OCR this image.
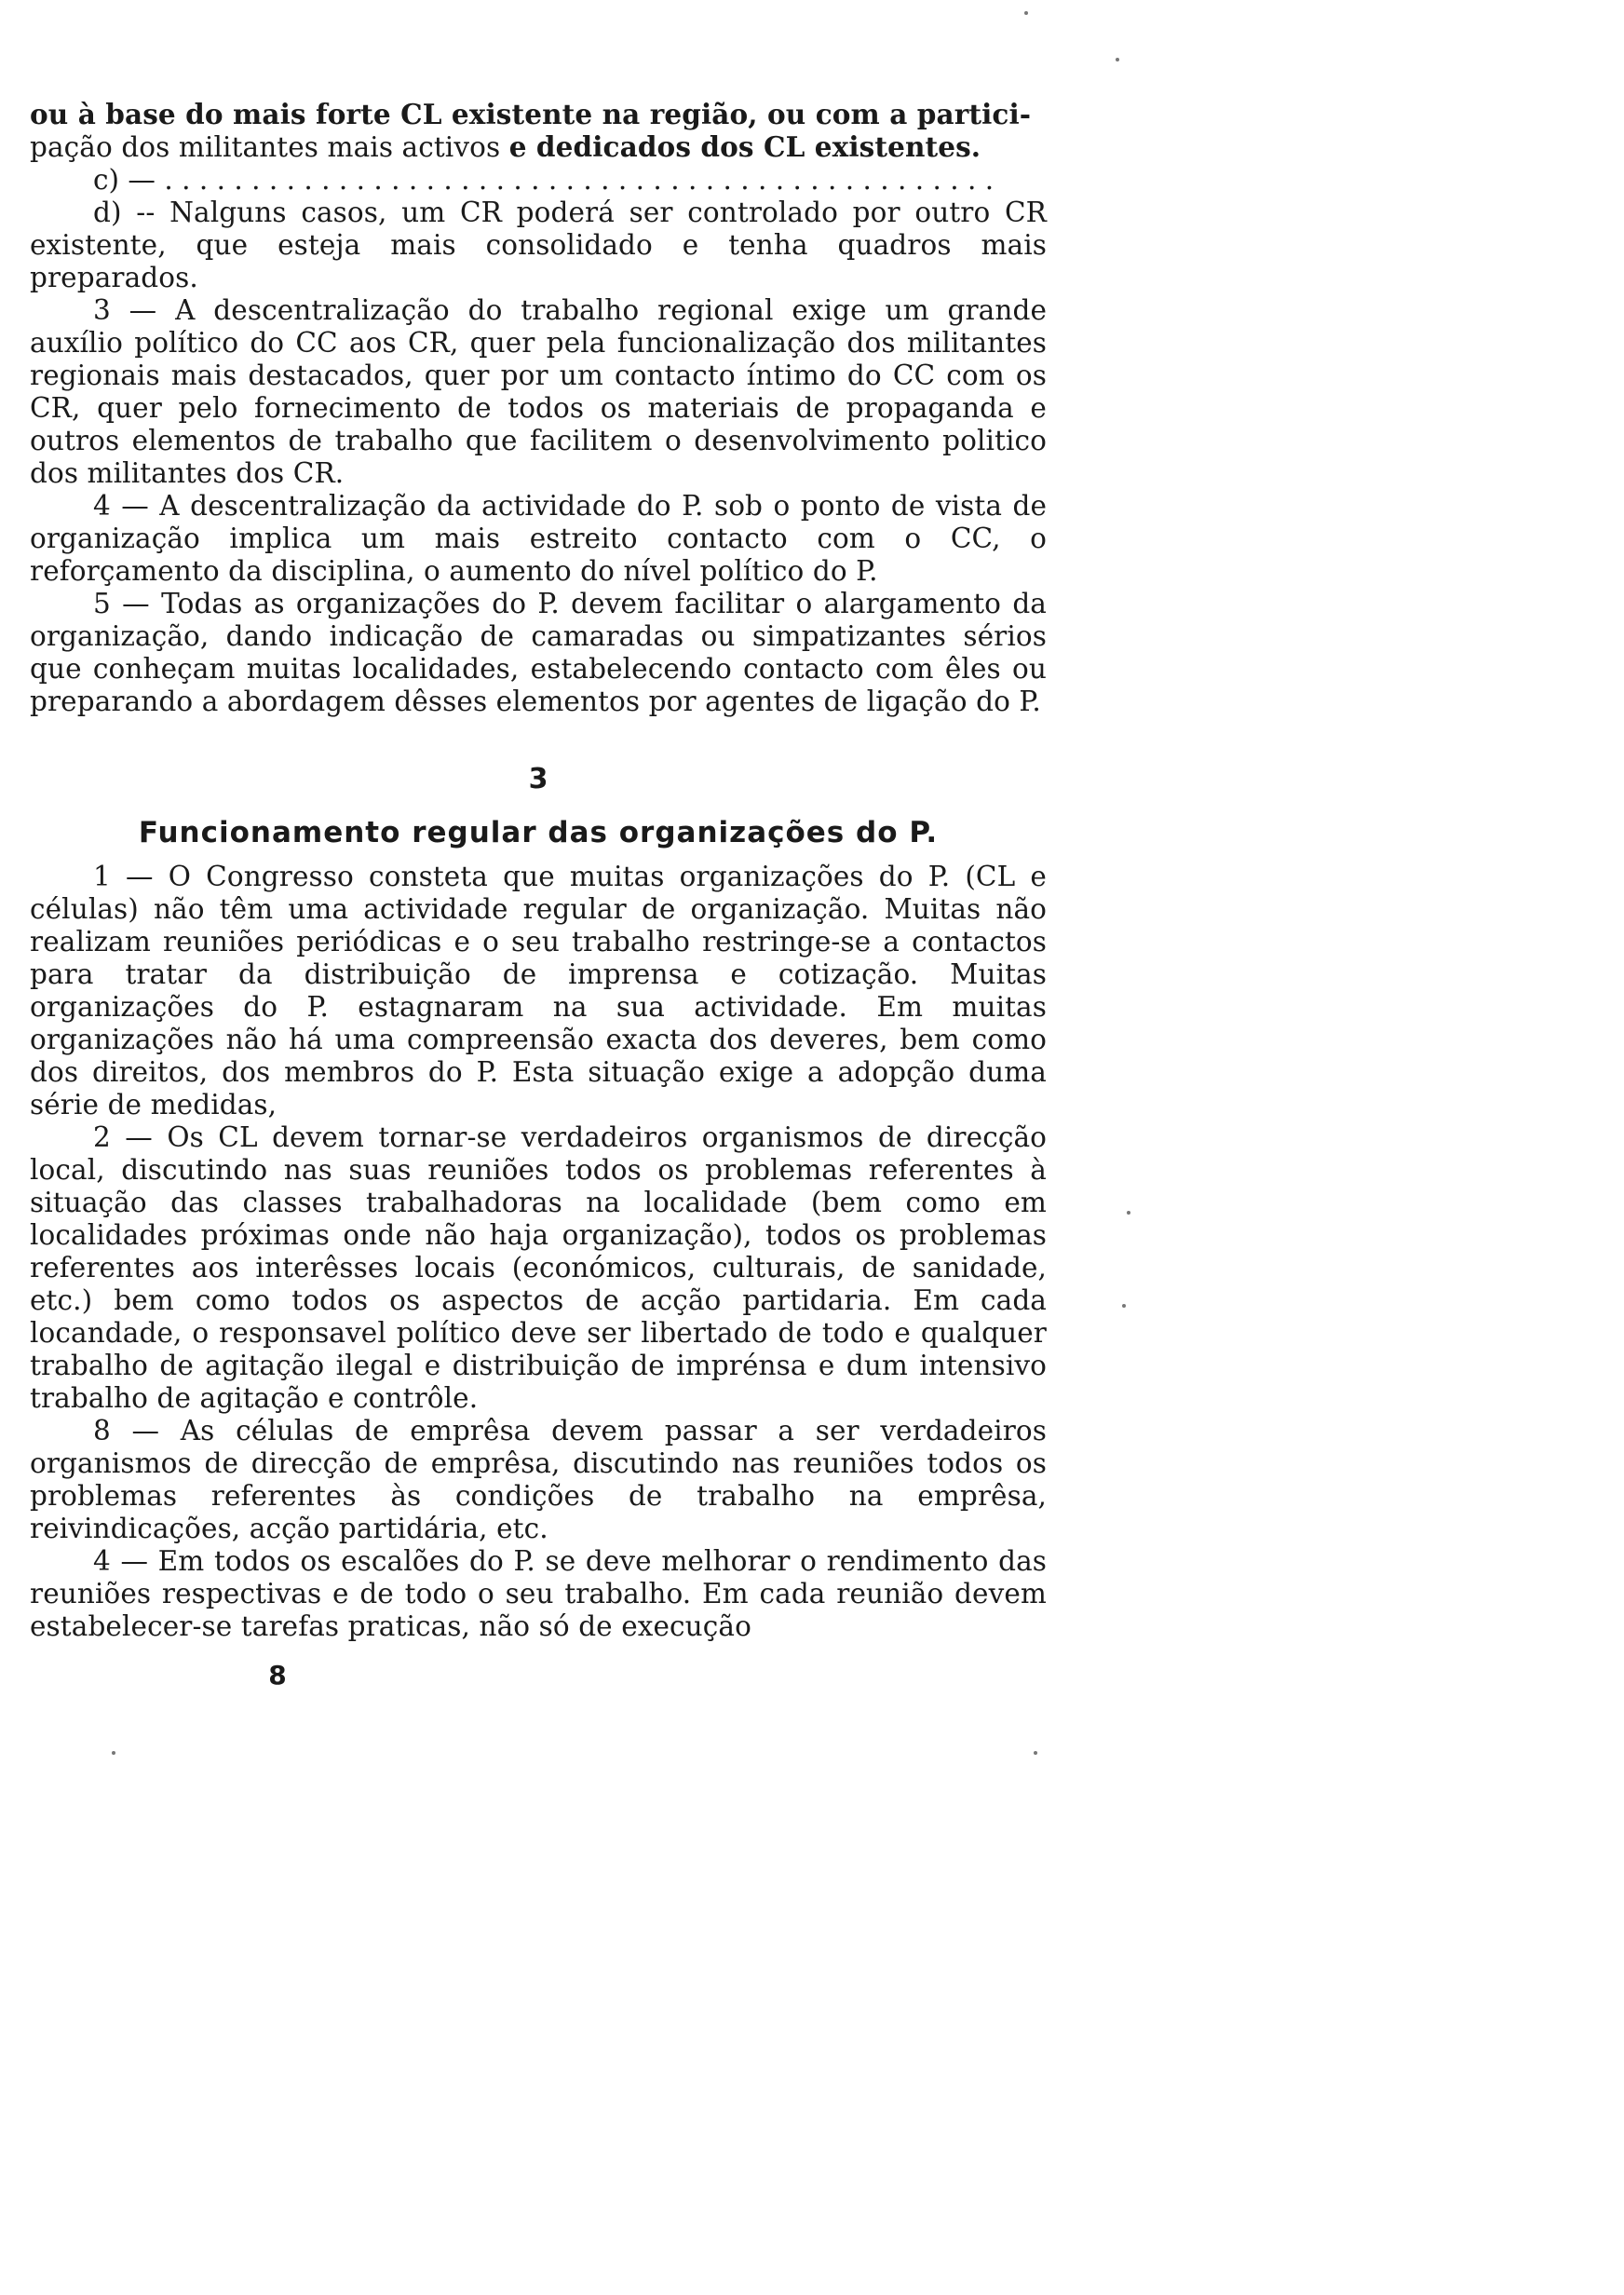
ou à base do mais forte CL existente na região, ou com a partici-

pação dos militantes mais activos e dedicados dos CL existentes.

c) — . . . . . . . . . . . . . . . . . . . . . . . . . . . . . . . . . . . . . . . . . . . . . . . .

d) -- Nalguns casos, um CR poderá ser controlado por outro CR existente, que esteja mais consolidado e tenha quadros mais preparados.

3 — A descentralização do trabalho regional exige um grande auxílio político do CC aos CR, quer pela funcionalização dos militantes regionais mais destacados, quer por um contacto íntimo do CC com os CR, quer pelo fornecimento de todos os materiais de propaganda e outros elementos de trabalho que facilitem o desenvolvimento politico dos militantes dos CR.

4 — A descentralização da actividade do P. sob o ponto de vista de organização implica um mais estreito contacto com o CC, o reforçamento da disciplina, o aumento do nível político do P.

5 — Todas as organizações do P. devem facilitar o alargamento da organização, dando indicação de camaradas ou simpatizantes sérios que conheçam muitas localidades, estabelecendo contacto com êles ou preparando a abordagem dêsses elementos por agentes de ligação do P.

3
Funcionamento regular das organizações do P.

1 — O Congresso consteta que muitas organizações do P. (CL e células) não têm uma actividade regular de organização. Muitas não realizam reuniões periódicas e o seu trabalho restringe-se a contactos para tratar da distribuição de imprensa e cotização. Muitas organizações do P. estagnaram na sua actividade. Em muitas organizações não há uma compreensão exacta dos deveres, bem como dos direitos, dos membros do P. Esta situação exige a adopção duma série de medidas,

2 — Os CL devem tornar-se verdadeiros organismos de direcção local, discutindo nas suas reuniões todos os problemas referentes à situação das classes trabalhadoras na localidade (bem como em localidades próximas onde não haja organização), todos os problemas referentes aos interêsses locais (económicos, culturais, de sanidade, etc.) bem como todos os aspectos de acção partidaria. Em cada locandade, o responsavel político deve ser libertado de todo e qualquer trabalho de agitação ilegal e distribuição de imprénsa e dum intensivo trabalho de agitação e contrôle.

8 — As células de emprêsa devem passar a ser verdadeiros organismos de direcção de emprêsa, discutindo nas reuniões todos os problemas referentes às condições de trabalho na emprêsa, reivindicações, acção partidária, etc.

4 — Em todos os escalões do P. se deve melhorar o rendimento das reuniões respectivas e de todo o seu trabalho. Em cada reunião devem estabelecer-se tarefas praticas, não só de execução

8
